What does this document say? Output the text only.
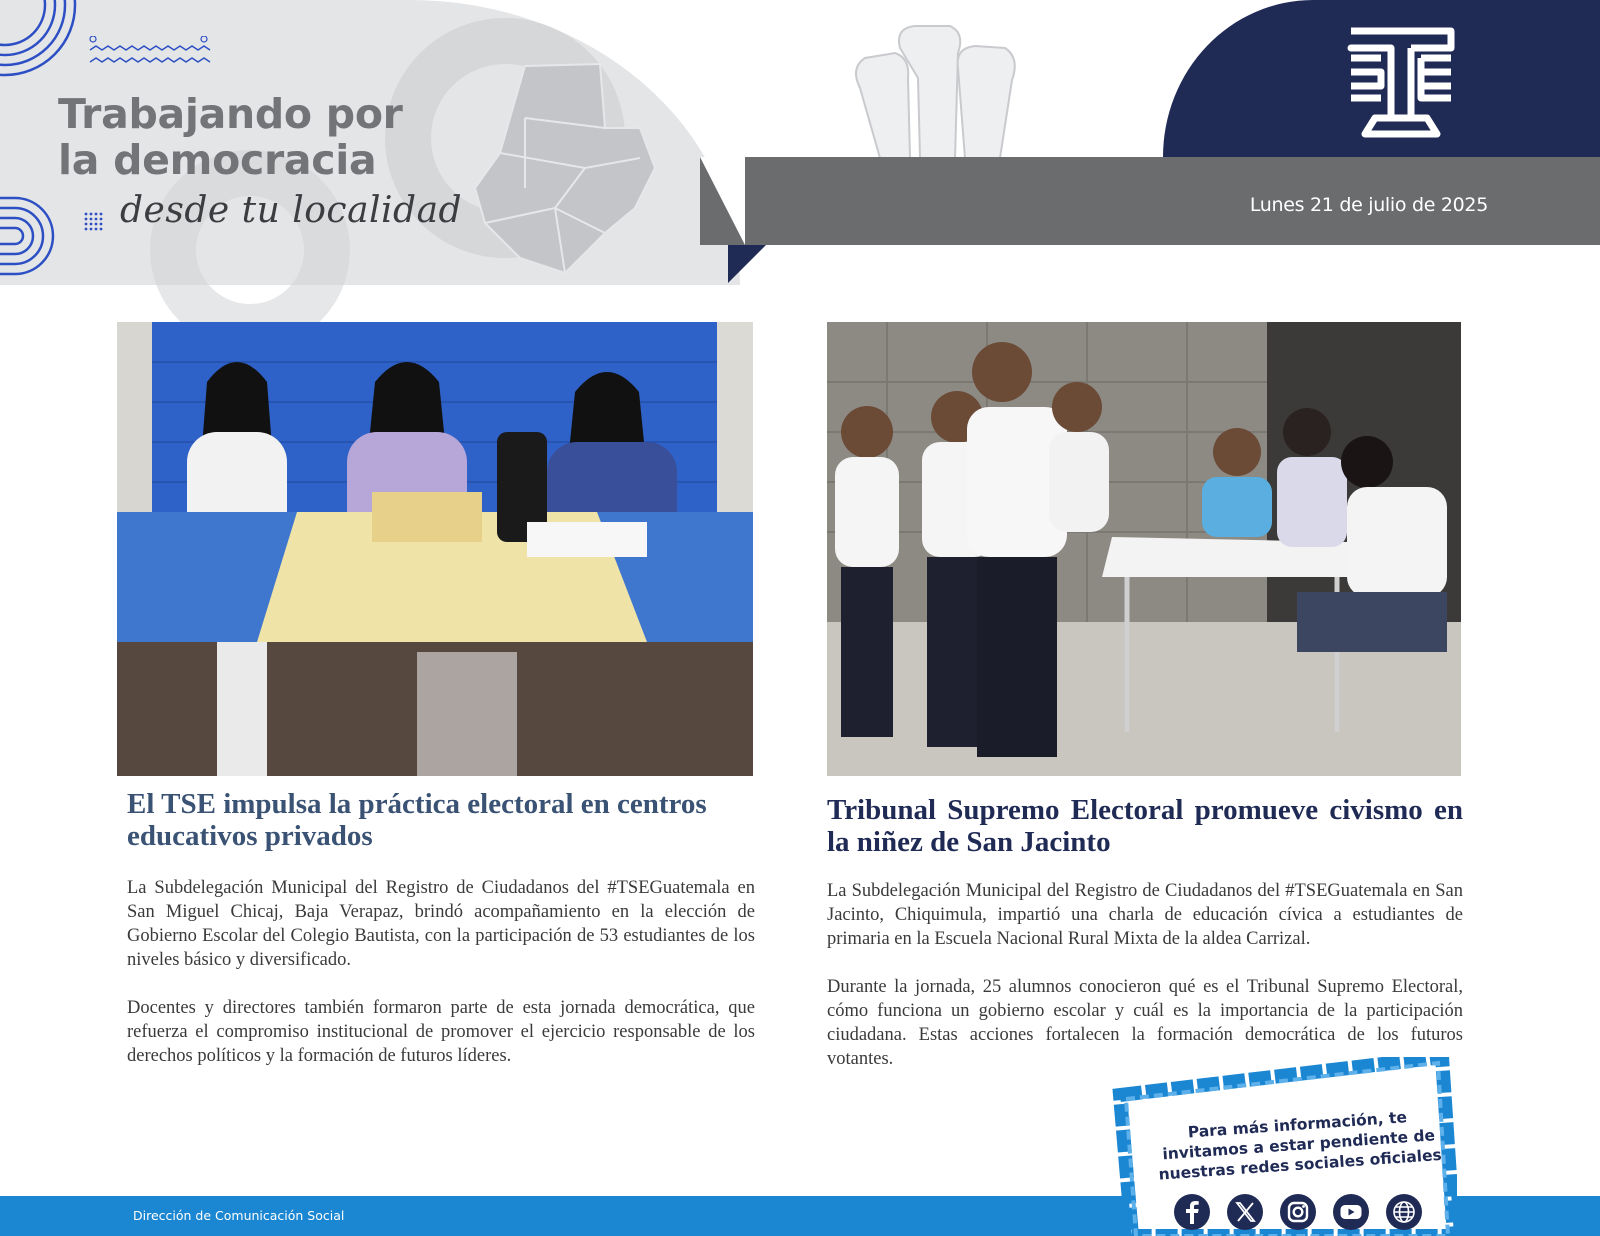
Trabajando por
la democracia
desde tu localidad	Lunes 21 de julio de 2025
El TSE impulsa la práctica electoral en centros educativos privados

La Subdelegación Municipal del Registro de Ciudadanos del #TSEGuatemala en San Miguel Chicaj, Baja Verapaz, brindó acompañamiento en la elección de Gobierno Escolar del Colegio Bautista, con la participación de 53 estudiantes de los niveles básico y diversificado.

Docentes y directores también formaron parte de esta jornada democrática, que refuerza el compromiso institucional de promover el ejercicio responsable de los derechos políticos y la formación de futuros líderes.

Tribunal Supremo Electoral promueve civismo en la niñez de San Jacinto

La Subdelegación Municipal del Registro de Ciudadanos del #TSEGuatemala en San Jacinto, Chiquimula, impartió una charla de educación cívica a estudiantes de primaria en la Escuela Nacional Rural Mixta de la aldea Carrizal.

Durante la jornada, 25 alumnos conocieron qué es el Tribunal Supremo Electoral, cómo funciona un gobierno escolar y cuál es la importancia de la participación ciudadana. Estas acciones fortalecen la formación democrática de los futuros votantes.

Dirección de Comunicación Social
Para más información, te invitamos a estar pendiente de nuestras redes sociales oficiales
